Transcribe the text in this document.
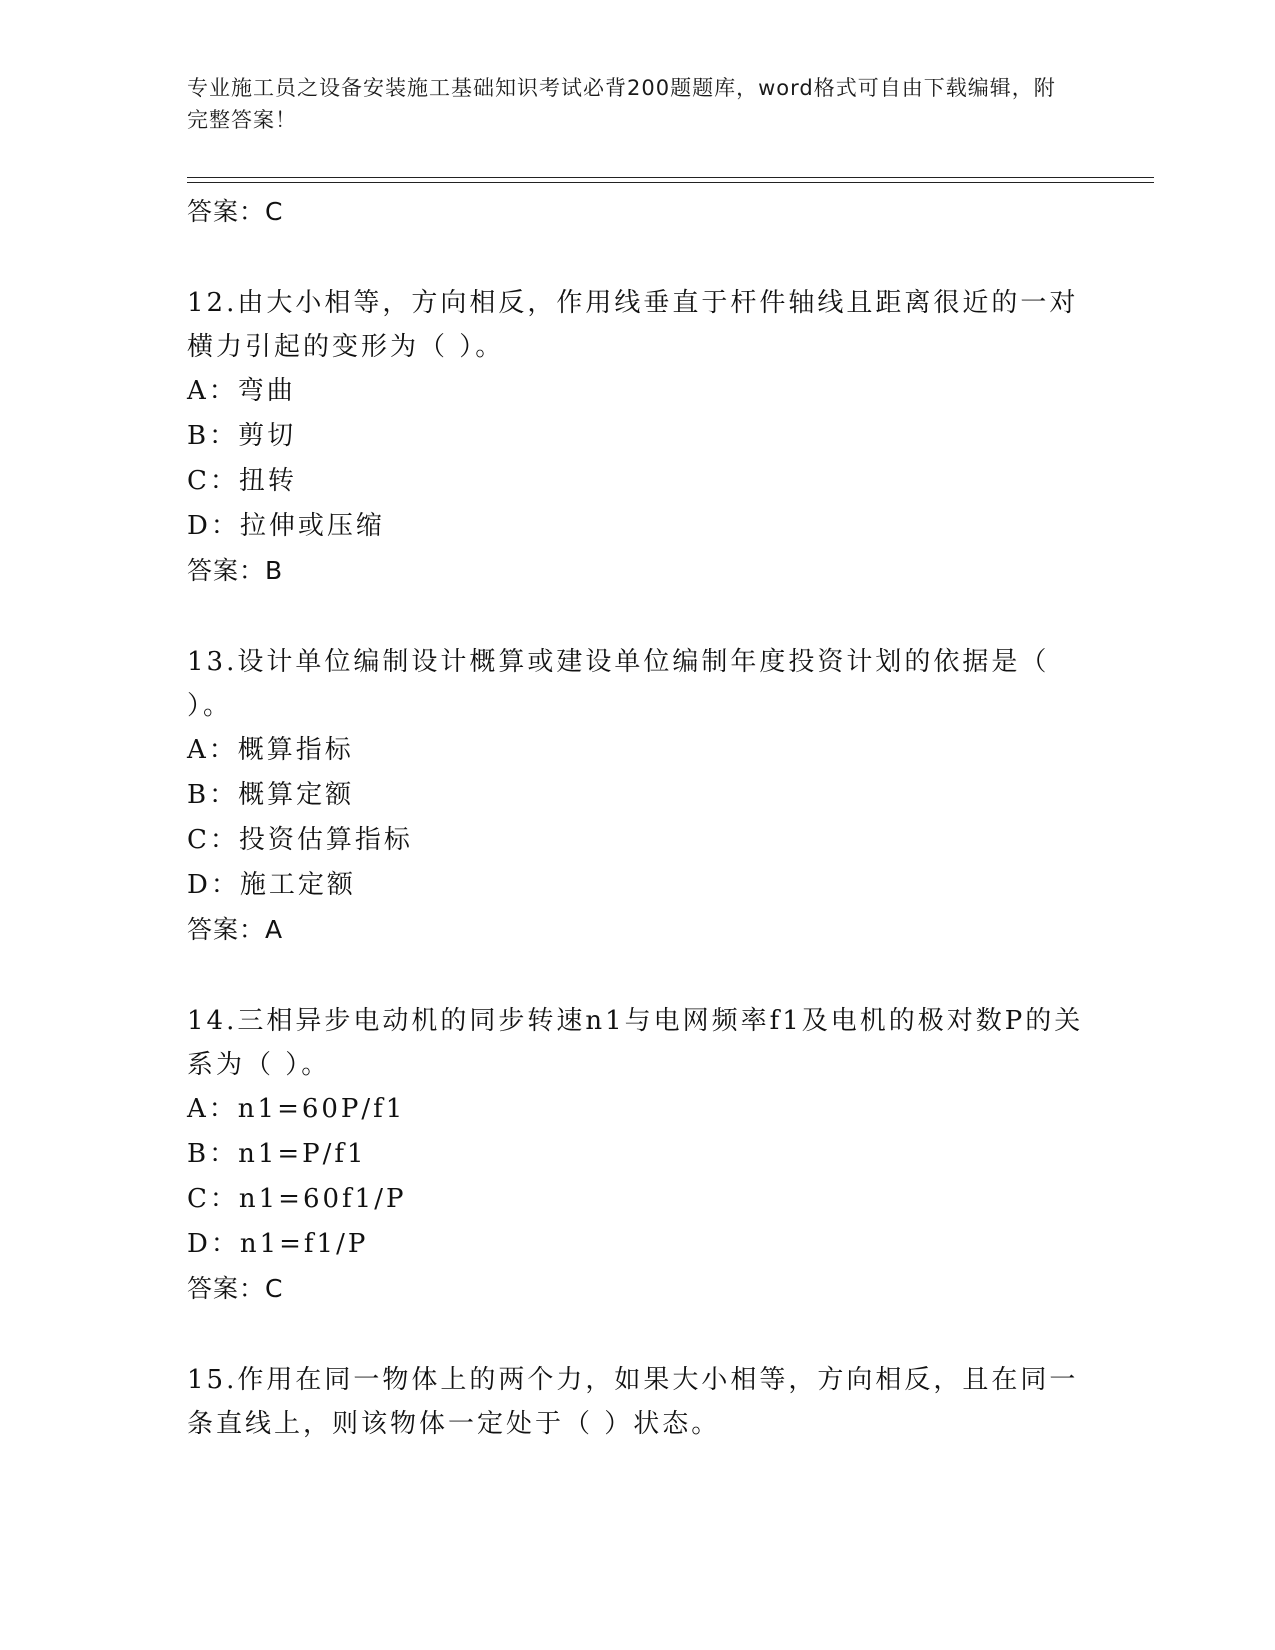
专业施工员之设备安装施工基础知识考试必背200题题库，word格式可自由下载编辑，附完整答案！
答案：C
12.由大小相等，方向相反，作用线垂直于杆件轴线且距离很近的一对横力引起的变形为（ ）。
A：弯曲
B：剪切
C：扭转
D：拉伸或压缩
答案：B
13.设计单位编制设计概算或建设单位编制年度投资计划的依据是（ ）。
A：概算指标
B：概算定额
C：投资估算指标
D：施工定额
答案：A
14.三相异步电动机的同步转速n1与电网频率f1及电机的极对数P的关系为（ ）。
A：n1=60P/f1
B：n1=P/f1
C：n1=60f1/P
D：n1=f1/P
答案：C
15.作用在同一物体上的两个力，如果大小相等，方向相反，且在同一条直线上，则该物体一定处于（ ）状态。
